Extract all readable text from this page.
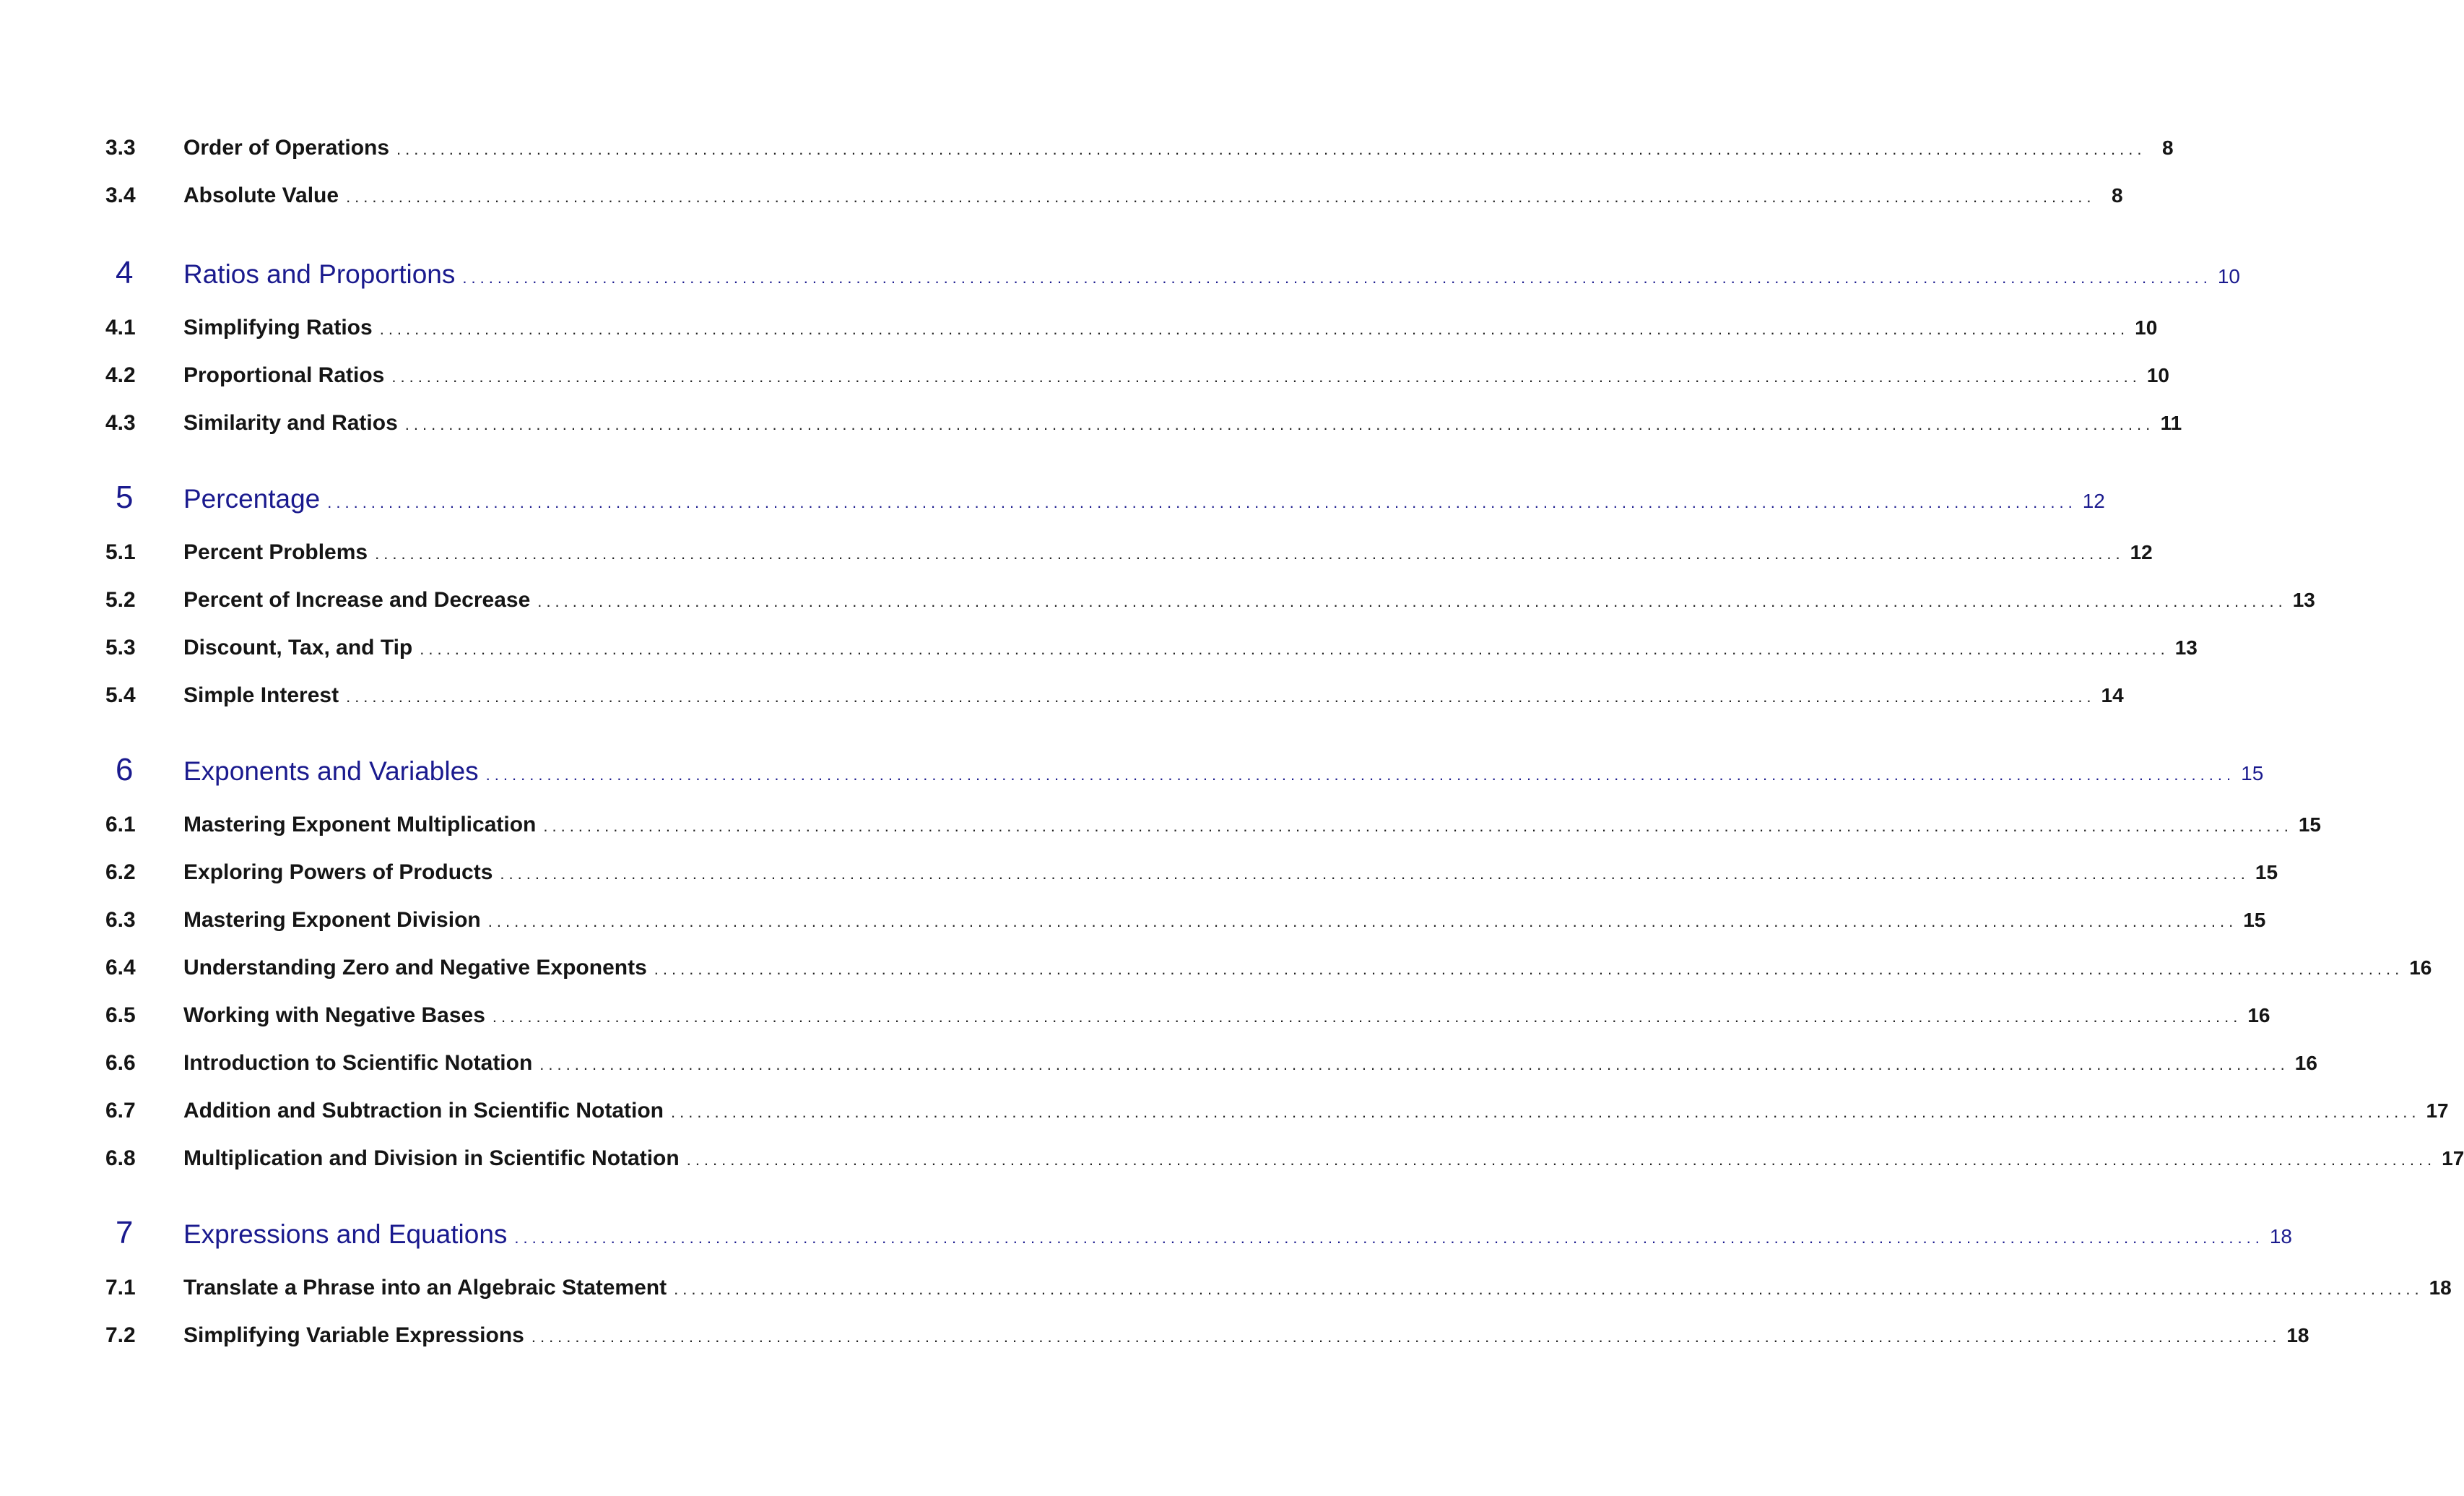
3.3	Order of Operations ........................................................................................................................................................................................................ 8
3.4	Absolute Value ........................................................................................................................................................................................................ 8
4	Ratios and Proportions ........................................................................................................................................................................................................ 10
4.1	Simplifying Ratios ........................................................................................................................................................................................................ 10
4.2	Proportional Ratios ........................................................................................................................................................................................................ 10
4.3	Similarity and Ratios ........................................................................................................................................................................................................ 11
5	Percentage ........................................................................................................................................................................................................ 12
5.1	Percent Problems ........................................................................................................................................................................................................ 12
5.2	Percent of Increase and Decrease ........................................................................................................................................................................................................ 13
5.3	Discount, Tax, and Tip ........................................................................................................................................................................................................ 13
5.4	Simple Interest ........................................................................................................................................................................................................ 14
6	Exponents and Variables ........................................................................................................................................................................................................ 15
6.1	Mastering Exponent Multiplication ........................................................................................................................................................................................................ 15
6.2	Exploring Powers of Products ........................................................................................................................................................................................................ 15
6.3	Mastering Exponent Division ........................................................................................................................................................................................................ 15
6.4	Understanding Zero and Negative Exponents ........................................................................................................................................................................................................ 16
6.5	Working with Negative Bases ........................................................................................................................................................................................................ 16
6.6	Introduction to Scientific Notation ........................................................................................................................................................................................................ 16
6.7	Addition and Subtraction in Scientific Notation ........................................................................................................................................................................................................ 17
6.8	Multiplication and Division in Scientific Notation ........................................................................................................................................................................................................ 17
7	Expressions and Equations ........................................................................................................................................................................................................ 18
7.1	Translate a Phrase into an Algebraic Statement ........................................................................................................................................................................................................ 18
7.2	Simplifying Variable Expressions ........................................................................................................................................................................................................ 18
